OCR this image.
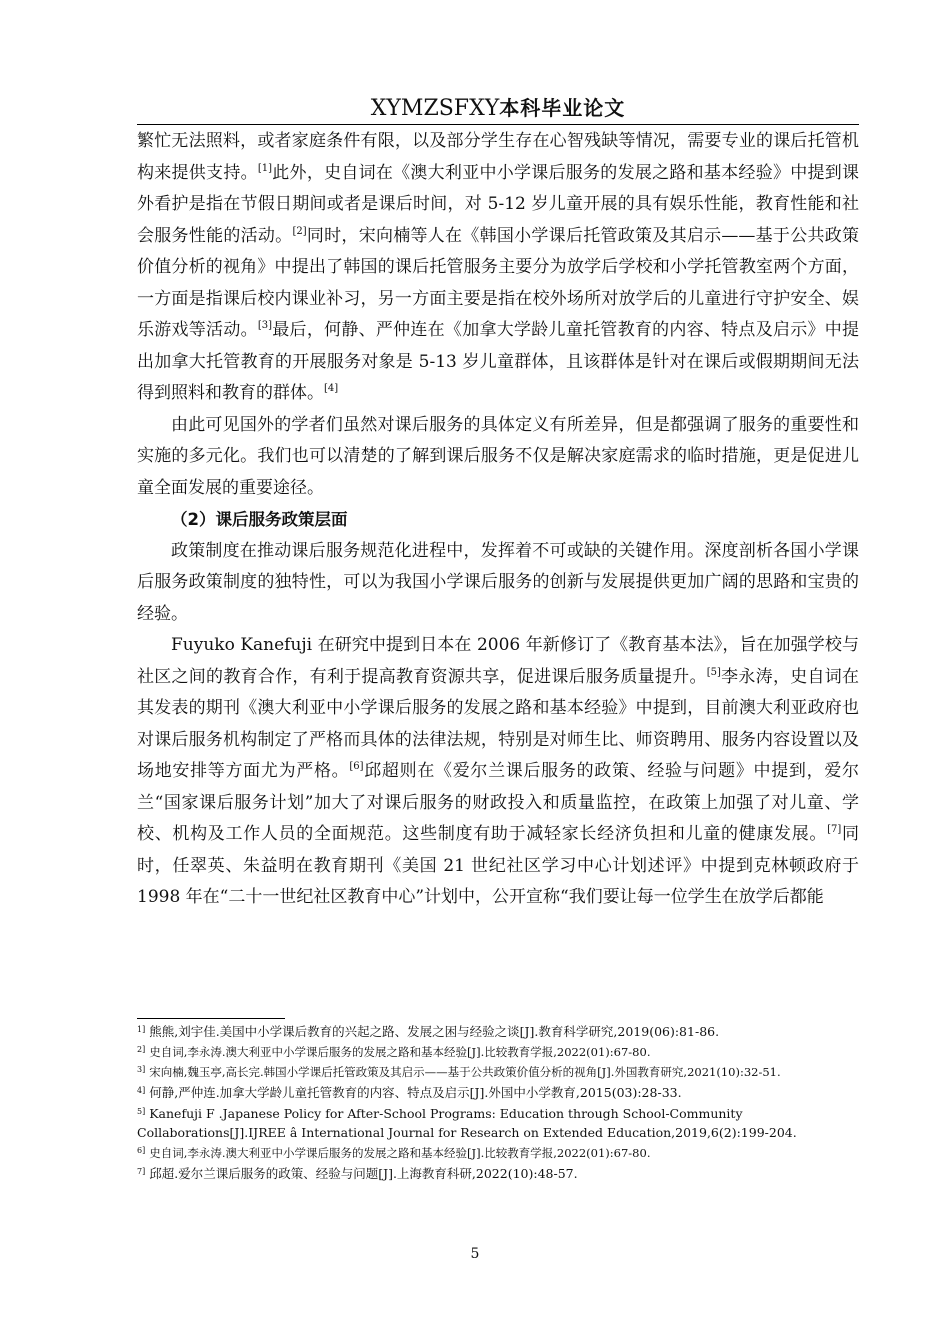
XYMZSFXY本科毕业论文

繁忙无法照料，或者家庭条件有限，以及部分学生存在心智残缺等情况，需要专业的课后托管机构来提供支持。[1]此外，史自词在《澳大利亚中小学课后服务的发展之路和基本经验》中提到课外看护是指在节假日期间或者是课后时间，对 5-12 岁儿童开展的具有娱乐性能，教育性能和社会服务性能的活动。[2]同时，宋向楠等人在《韩国小学课后托管政策及其启示——基于公共政策价值分析的视角》中提出了韩国的课后托管服务主要分为放学后学校和小学托管教室两个方面，一方面是指课后校内课业补习，另一方面主要是指在校外场所对放学后的儿童进行守护安全、娱乐游戏等活动。[3]最后，何静、严仲连在《加拿大学龄儿童托管教育的内容、特点及启示》中提出加拿大托管教育的开展服务对象是 5-13 岁儿童群体，且该群体是针对在课后或假期期间无法得到照料和教育的群体。[4]

由此可见国外的学者们虽然对课后服务的具体定义有所差异，但是都强调了服务的重要性和实施的多元化。我们也可以清楚的了解到课后服务不仅是解决家庭需求的临时措施，更是促进儿童全面发展的重要途径。

（2）课后服务政策层面

政策制度在推动课后服务规范化进程中，发挥着不可或缺的关键作用。深度剖析各国小学课后服务政策制度的独特性，可以为我国小学课后服务的创新与发展提供更加广阔的思路和宝贵的经验。

Fuyuko Kanefuji 在研究中提到日本在 2006 年新修订了《教育基本法》，旨在加强学校与社区之间的教育合作，有利于提高教育资源共享，促进课后服务质量提升。[5]李永涛，史自词在其发表的期刊《澳大利亚中小学课后服务的发展之路和基本经验》中提到，目前澳大利亚政府也对课后服务机构制定了严格而具体的法律法规，特别是对师生比、师资聘用、服务内容设置以及场地安排等方面尤为严格。[6]邱超则在《爱尔兰课后服务的政策、经验与问题》中提到，爱尔兰“国家课后服务计划”加大了对课后服务的财政投入和质量监控，在政策上加强了对儿童、学校、机构及工作人员的全面规范。这些制度有助于减轻家长经济负担和儿童的健康发展。[7]同时，任翠英、朱益明在教育期刊《美国 21 世纪社区学习中心计划述评》中提到克林顿政府于 1998 年在“二十一世纪社区教育中心”计划中，公开宣称“我们要让每一位学生在放学后都能

$^{1]}$ 熊熊,刘宇佳.美国中小学课后教育的兴起之路、发展之困与经验之谈[J].教育科学研究,2019(06):81-86.

$^{2]}$ 史自词,李永涛.澳大利亚中小学课后服务的发展之路和基本经验[J].比较教育学报,2022(01):67-80.

$^{3]}$ 宋向楠,魏玉亭,高长完.韩国小学课后托管政策及其启示——基于公共政策价值分析的视角[J].外国教育研究,2021(10):32-51.

$^{4]}$ 何静,严仲连.加拿大学龄儿童托管教育的内容、特点及启示[J].外国中小学教育,2015(03):28-33.

$^{5]}$ Kanefuji F .Japanese Policy for After-School Programs: Education through School-Community Collaborations[J].IJREE â International Journal for Research on Extended Education,2019,6(2):199-204.

$^{6]}$ 史自词,李永涛.澳大利亚中小学课后服务的发展之路和基本经验[J].比较教育学报,2022(01):67-80.

$^{7]}$ 邱超.爱尔兰课后服务的政策、经验与问题[J].上海教育科研,2022(10):48-57.

5
